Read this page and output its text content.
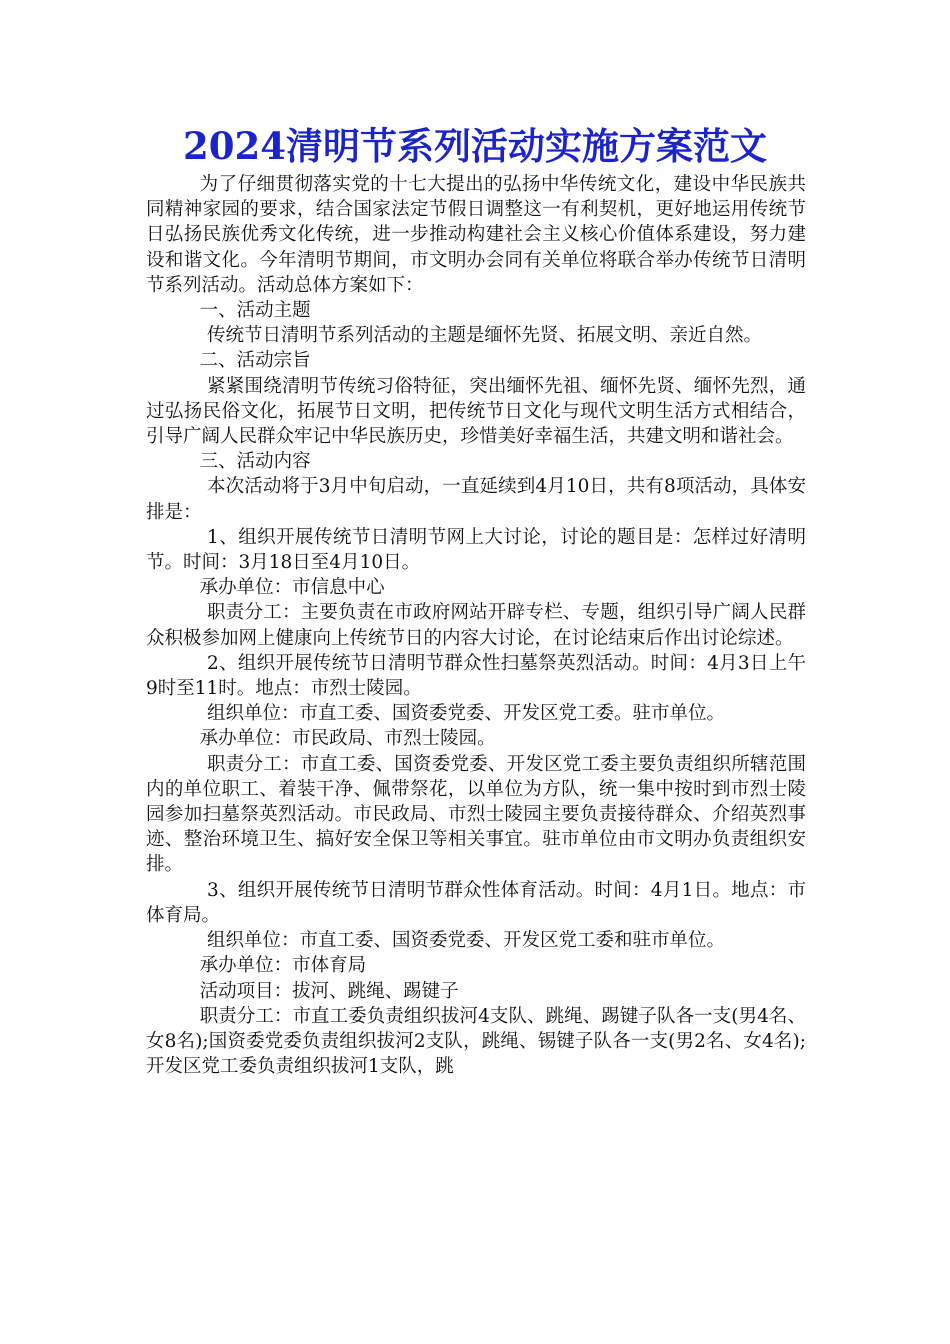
2024清明节系列活动实施方案范文

为了仔细贯彻落实党的十七大提出的弘扬中华传统文化，建设中华民族共同精神家园的要求，结合国家法定节假日调整这一有利契机，更好地运用传统节日弘扬民族优秀文化传统，进一步推动构建社会主义核心价值体系建设，努力建设和谐文化。今年清明节期间，市文明办会同有关单位将联合举办传统节日清明节系列活动。活动总体方案如下：

一、活动主题

传统节日清明节系列活动的主题是缅怀先贤、拓展文明、亲近自然。

二、活动宗旨

紧紧围绕清明节传统习俗特征，突出缅怀先祖、缅怀先贤、缅怀先烈，通过弘扬民俗文化，拓展节日文明，把传统节日文化与现代文明生活方式相结合，引导广阔人民群众牢记中华民族历史，珍惜美好幸福生活，共建文明和谐社会。

三、活动内容

本次活动将于3月中旬启动，一直延续到4月10日，共有8项活动，具体安排是：

1、组织开展传统节日清明节网上大讨论，讨论的题目是：怎样过好清明节。时间：3月18日至4月10日。

承办单位：市信息中心

职责分工：主要负责在市政府网站开辟专栏、专题，组织引导广阔人民群众积极参加网上健康向上传统节日的内容大讨论，在讨论结束后作出讨论综述。

2、组织开展传统节日清明节群众性扫墓祭英烈活动。时间：4月3日上午9时至11时。地点：市烈士陵园。

组织单位：市直工委、国资委党委、开发区党工委。驻市单位。

承办单位：市民政局、市烈士陵园。

职责分工：市直工委、国资委党委、开发区党工委主要负责组织所辖范围内的单位职工、着装干净、佩带祭花，以单位为方队，统一集中按时到市烈士陵园参加扫墓祭英烈活动。市民政局、市烈士陵园主要负责接待群众、介绍英烈事迹、整治环境卫生、搞好安全保卫等相关事宜。驻市单位由市文明办负责组织安排。

3、组织开展传统节日清明节群众性体育活动。时间：4月1日。地点：市体育局。

组织单位：市直工委、国资委党委、开发区党工委和驻市单位。

承办单位：市体育局

活动项目：拔河、跳绳、踢键子

职责分工：市直工委负责组织拔河4支队、跳绳、踢键子队各一支(男4名、女8名);国资委党委负责组织拔河2支队，跳绳、锡键子队各一支(男2名、女4名);开发区党工委负责组织拔河1支队，跳
